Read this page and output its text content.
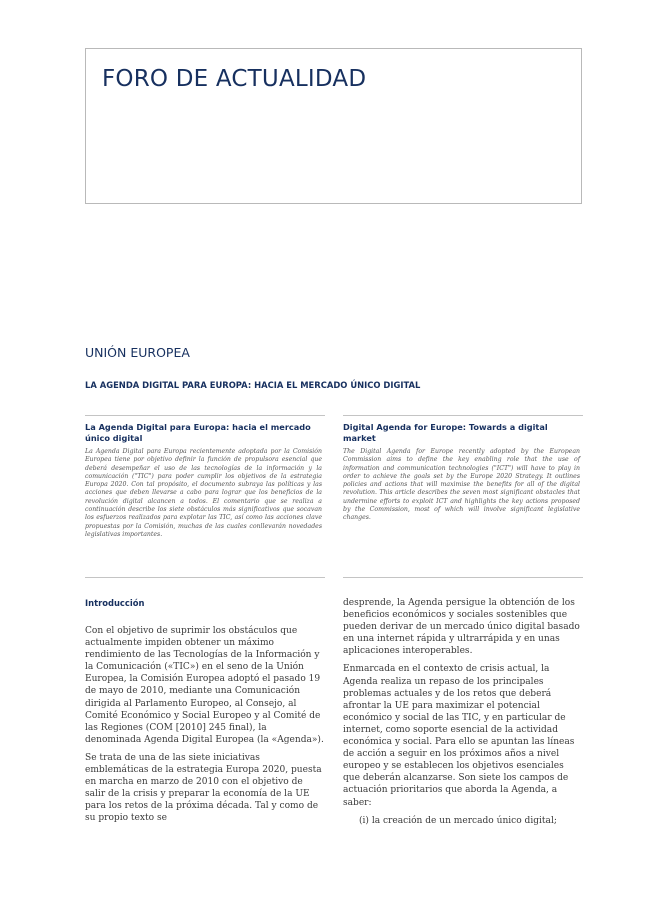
FORO DE ACTUALIDAD
UNIÓN EUROPEA
LA AGENDA DIGITAL PARA EUROPA: HACIA EL MERCADO ÚNICO DIGITAL

La Agenda Digital para Europa: hacia el mercado único digital

La Agenda Digital para Europa recientemente adoptada por la Comisión Europea tiene por objetivo definir la función de propulsora esencial que deberá desempeñar el uso de las tecnologías de la información y la comunicación ("TIC") para poder cumplir los objetivos de la estrategia Europa 2020. Con tal propósito, el documento subraya las políticas y las acciones que deben llevarse a cabo para lograr que los beneficios de la revolución digital alcancen a todos. El comentario que se realiza a continuación describe los siete obstáculos más significativos que socavan los esfuerzos realizados para explotar las TIC, así como las acciones clave propuestas por la Comisión, muchas de las cuales conllevarán novedades legislativas importantes.

Digital Agenda for Europe: Towards a digital market

The Digital Agenda for Europe recently adopted by the European Commission aims to define the key enabling role that the use of information and communication technologies ("ICT") will have to play in order to achieve the goals set by the Europe 2020 Strategy. It outlines policies and actions that will maximise the benefits for all of the digital revolution. This article describes the seven most significant obstacles that undermine efforts to exploit ICT and highlights the key actions proposed by the Commission, most of which will involve significant legislative changes.

Introducción

Con el objetivo de suprimir los obstáculos que actualmente impiden obtener un máximo rendimiento de las Tecnologías de la Información y la Comunicación («TIC») en el seno de la Unión Europea, la Comisión Europea adoptó el pasado 19 de mayo de 2010, mediante una Comunicación dirigida al Parlamento Europeo, al Consejo, al Comité Económico y Social Europeo y al Comité de las Regiones (COM [2010] 245 final), la denominada Agenda Digital Europea (la «Agenda»).

Se trata de una de las siete iniciativas emblemáticas de la estrategia Europa 2020, puesta en marcha en marzo de 2010 con el objetivo de salir de la crisis y preparar la economía de la UE para los retos de la próxima década. Tal y como de su propio texto se

desprende, la Agenda persigue la obtención de los beneficios económicos y sociales sostenibles que pueden derivar de un mercado único digital basado en una internet rápida y ultrarrápida y en unas aplicaciones interoperables.

Enmarcada en el contexto de crisis actual, la Agenda realiza un repaso de los principales problemas actuales y de los retos que deberá afrontar la UE para maximizar el potencial económico y social de las TIC, y en particular de internet, como soporte esencial de la actividad económica y social. Para ello se apuntan las líneas de acción a seguir en los próximos años a nivel europeo y se establecen los objetivos esenciales que deberán alcanzarse. Son siete los campos de actuación prioritarios que aborda la Agenda, a saber:

(i) la creación de un mercado único digital;
